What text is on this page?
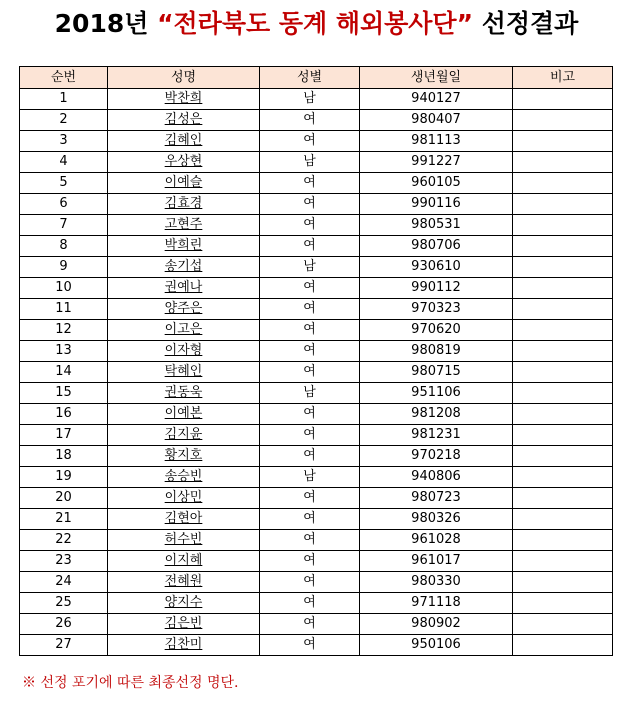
2018년 “전라북도 동계 해외봉사단” 선정결과
순번	성명	성별	생년월일	비고
1	박찬희	남	940127	
2	김성은	여	980407	
3	김혜인	여	981113	
4	우상현	남	991227	
5	이예슬	여	960105	
6	김효경	여	990116	
7	고현주	여	980531	
8	박희린	여	980706	
9	송기섭	남	930610	
10	권예나	여	990112	
11	양주은	여	970323	
12	이고은	여	970620	
13	이자형	여	980819	
14	탁혜인	여	980715	
15	권동욱	남	951106	
16	이예본	여	981208	
17	김지윤	여	981231	
18	황지호	여	970218	
19	송승빈	남	940806	
20	이상민	여	980723	
21	김현아	여	980326	
22	허수빈	여	961028	
23	이지혜	여	961017	
24	전혜원	여	980330	
25	양지수	여	971118	
26	김은빈	여	980902	
27	김찬미	여	950106	
※ 선정 포기에 따른 최종선정 명단.
